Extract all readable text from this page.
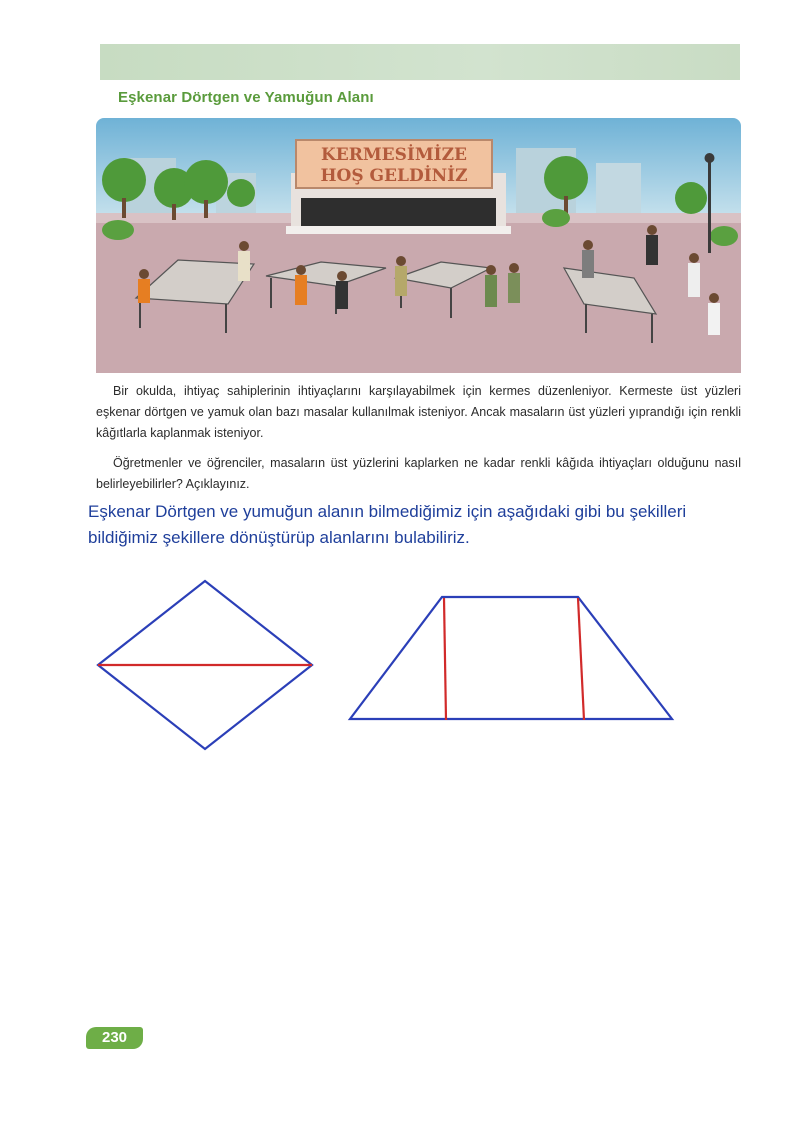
Eşkenar Dörtgen ve Yamuğun Alanı
KERMESİMİZE
HOŞ GELDİNİZ

Bir okulda, ihtiyaç sahiplerinin ihtiyaçlarını karşılayabilmek için kermes düzenleniyor. Kermeste üst yüzleri eşkenar dörtgen ve yamuk olan bazı masalar kullanılmak isteniyor. Ancak masaların üst yüzleri yıprandığı için renkli kâğıtlarla kaplanmak isteniyor.

Öğretmenler ve öğrenciler, masaların üst yüzlerini kaplarken ne kadar renkli kâğıda ihtiyaçları olduğunu nasıl belirleyebilirler? Açıklayınız.

Eşkenar Dörtgen ve yumuğun alanın bilmediğimiz için aşağıdaki gibi bu şekilleri bildiğimiz şekillere dönüştürüp alanlarını bulabiliriz.

230
